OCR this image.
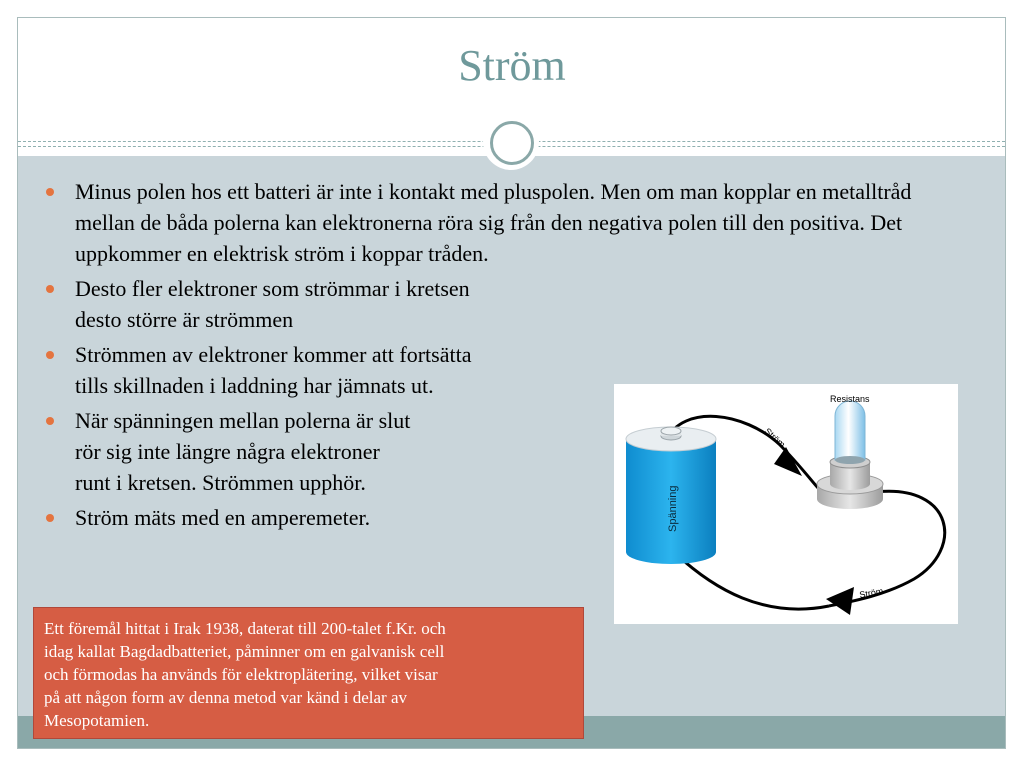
Ström
Minus polen hos ett batteri är inte i kontakt med pluspolen. Men om man kopplar en metalltråd mellan de båda polerna kan elektronerna röra sig från den negativa polen till den positiva. Det uppkommer en elektrisk ström i koppar tråden.
Desto fler elektroner som strömmar i kretsen
desto större är strömmen
Strömmen av elektroner kommer att fortsätta
tills skillnaden i laddning har jämnats ut.
När spänningen mellan polerna är slut
rör sig inte längre några elektroner
runt i kretsen. Strömmen upphör.
Ström mäts med en amperemeter.	Spänning
Resistans
Ström
Ström
Ett föremål hittat i Irak 1938, daterat till 200-talet f.Kr. och
idag kallat Bagdadbatteriet, påminner om en galvanisk cell
och förmodas ha används för elektroplätering, vilket visar
på att någon form av denna metod var känd i delar av
Mesopotamien.
